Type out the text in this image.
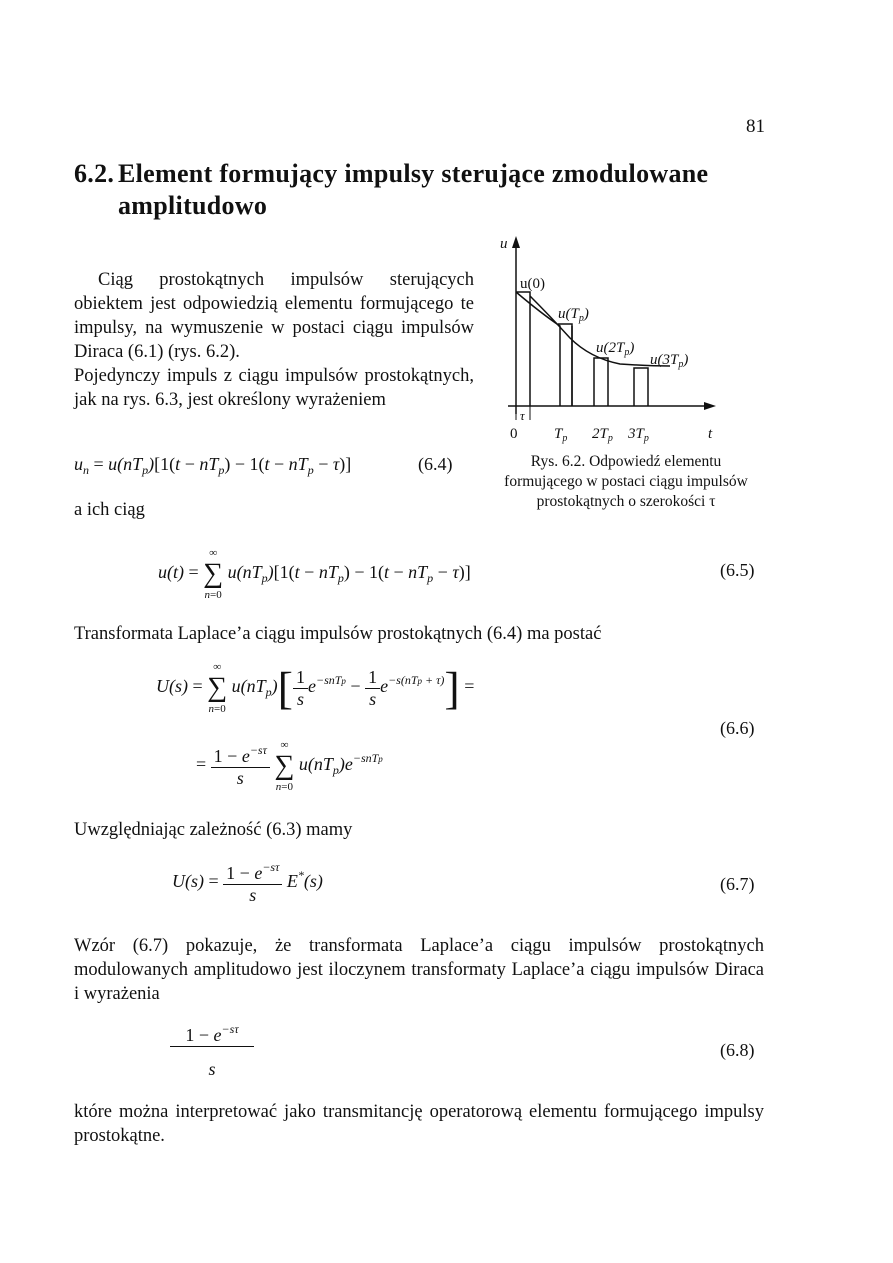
81
6.2. Element formujący impulsy sterujące zmodulowane
amplitudowo

Ciąg prostokątnych impulsów sterujących obiektem jest odpowiedzią elementu formującego te impulsy, na wymuszenie w postaci ciągu impulsów Diraca (6.1) (rys. 6.2).

Pojedynczy impuls z ciągu impulsów prostokątnych, jak na rys. 6.3, jest określony wyrażeniem

$u_n = u(nT_p)[1(t - nT_p) - 1(t - nT_p - \tau)]$	(6.4)
a ich ciąg
u
t
τ
u(0)
$u(T_p)$
$u(2T_p)$
$u(3T_p)$
0 $T_p$ $2T_p$ $3T_p$
Rys. 6.2. Odpowiedź elementu formującego w postaci ciągu impulsów prostokątnych o szerokości τ
u(t) =
∞
∑
n=0
$u(nT_p)[1(t - nT_p) - 1(t - nT_p - \tau)]$	(6.5)
Transformata Laplace’a ciągu impulsów prostokątnych (6.4) ma postać
U(s) =
∞
∑
n=0
$u(nT_p)[ \frac{1}{s} e^{-snTp} - \frac{1}{s} e^{-s(nTp + \tau)}]$ =
= $\frac{1 - e^{-s\tau}}{s}$
∞
∑
n=0
$u(nT_p)e^{-snTp}$
(6.6)
Uwzględniając zależność (6.3) mamy
$U(s) = \frac{1 - e^{-s\tau}}{s} E^*(s)$	(6.7)
Wzór (6.7) pokazuje, że transformata Laplace’a ciągu impulsów prostokątnych modulowanych amplitudowo jest iloczynem transformaty Laplace’a ciągu impulsów Diraca i wyrażenia
$\frac{1 - e^{-s\tau}}{s}$	(6.8)
które można interpretować jako transmitancję operatorową elementu formującego impulsy prostokątne.
